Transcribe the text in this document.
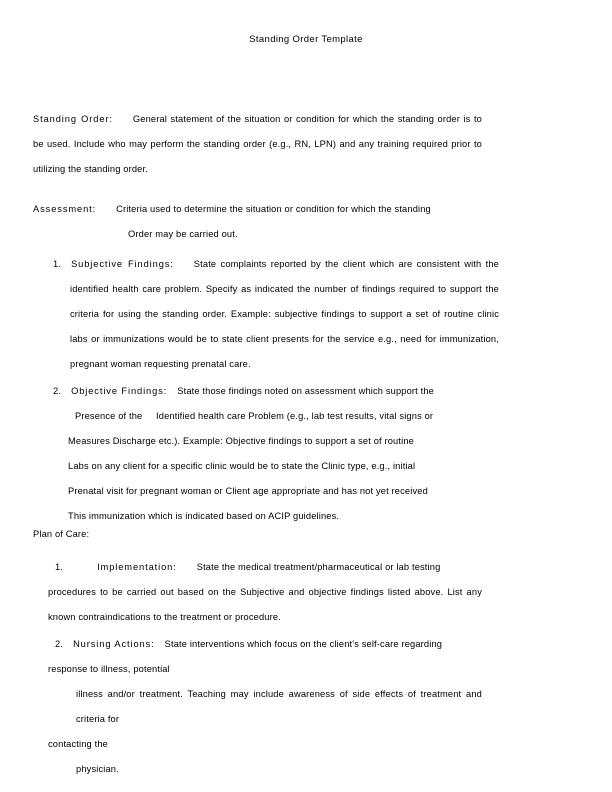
Standing Order Template
Standing Order: General statement of the situation or condition for which the standing order is to be used. Include who may perform the standing order (e.g., RN, LPN) and any training required prior to utilizing the standing order.
Assessment: Criteria used to determine the situation or condition for which the standing
Order may be carried out.
1. Subjective Findings: State complaints reported by the client which are consistent with the identified health care problem. Specify as indicated the number of findings required to support the criteria for using the standing order. Example: subjective findings to support a set of routine clinic labs or immunizations would be to state client presents for the service e.g., need for immunization, pregnant woman requesting prenatal care.
2. Objective Findings: State those findings noted on assessment which support the
Presence of the     Identified health care Problem (e.g., lab test results, vital signs or
Measures Discharge etc.). Example: Objective findings to support a set of routine
Labs on any client for a specific clinic would be to state the Clinic type, e.g., initial
Prenatal visit for pregnant woman or Client age appropriate and has not yet received
This immunization which is indicated based on ACIP guidelines.
Plan of Care:
1.	Implementation: State the medical treatment/pharmaceutical or lab testing
procedures to be carried out based on the Subjective and objective findings listed above. List any known contraindications to the treatment or procedure.
2. Nursing Actions: State interventions which focus on the client's self-care regarding
response to illness, potential
illness and/or treatment. Teaching may include awareness of side effects of treatment and criteria for
contacting the
physician.
